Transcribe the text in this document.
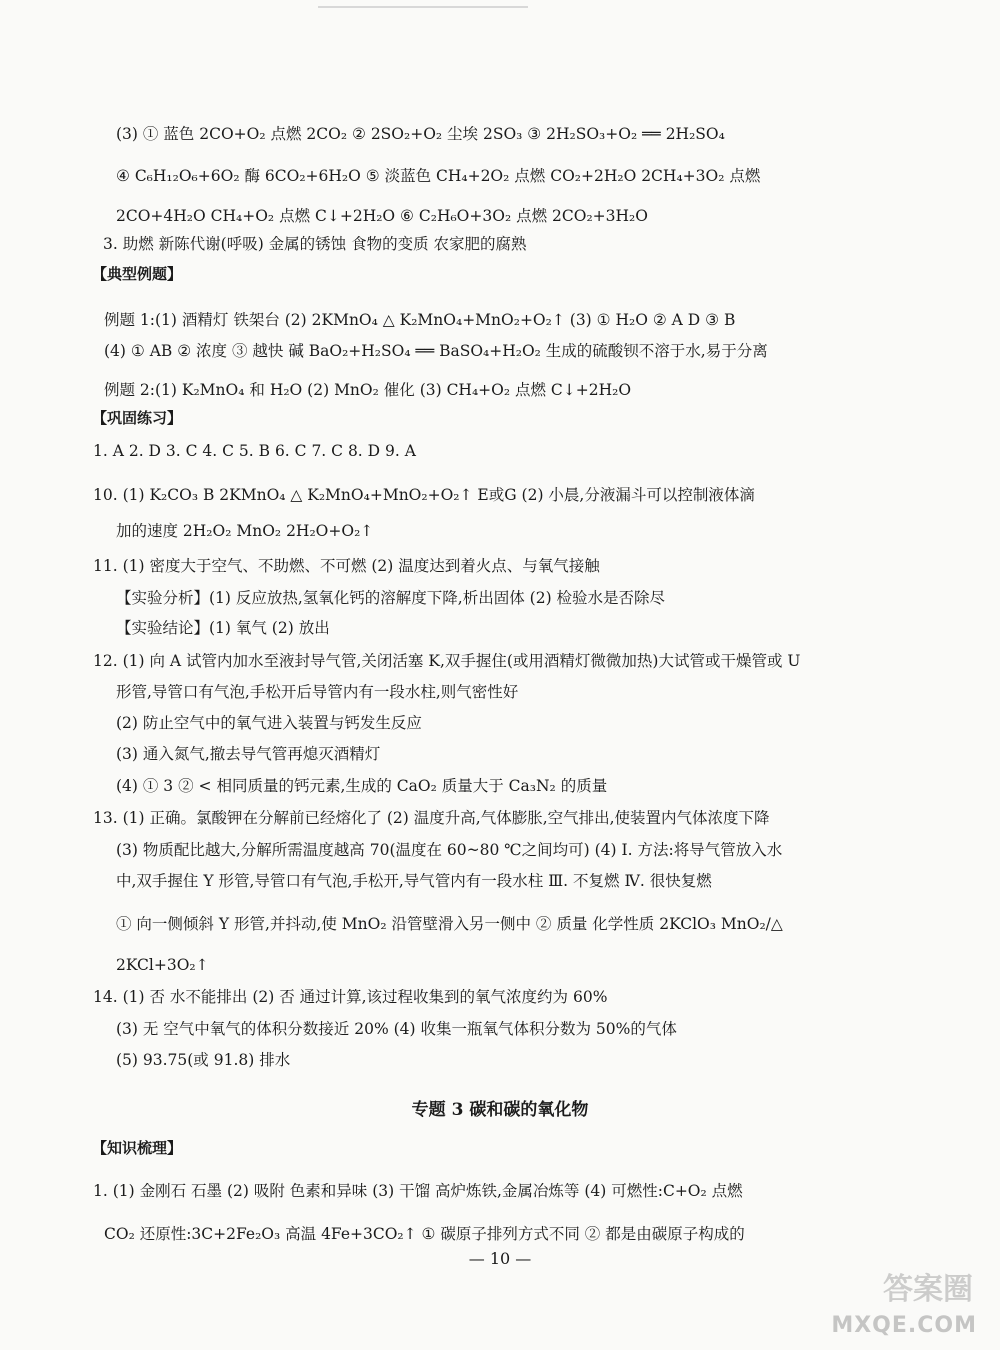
(3) ① 蓝色 2CO+O₂ 点燃 2CO₂ ② 2SO₂+O₂ 尘埃 2SO₃ ③ 2H₂SO₃+O₂ ══ 2H₂SO₄
④ C₆H₁₂O₆+6O₂ 酶 6CO₂+6H₂O ⑤ 淡蓝色 CH₄+2O₂ 点燃 CO₂+2H₂O 2CH₄+3O₂ 点燃
2CO+4H₂O CH₄+O₂ 点燃 C↓+2H₂O ⑥ C₂H₆O+3O₂ 点燃 2CO₂+3H₂O
3. 助燃 新陈代谢(呼吸) 金属的锈蚀 食物的变质 农家肥的腐熟
【典型例题】
例题 1:(1) 酒精灯 铁架台 (2) 2KMnO₄ △ K₂MnO₄+MnO₂+O₂↑ (3) ① H₂O ② A D ③ B
(4) ① AB ② 浓度 ③ 越快 碱 BaO₂+H₂SO₄ ══ BaSO₄+H₂O₂ 生成的硫酸钡不溶于水,易于分离
例题 2:(1) K₂MnO₄ 和 H₂O (2) MnO₂ 催化 (3) CH₄+O₂ 点燃 C↓+2H₂O
【巩固练习】
1. A 2. D 3. C 4. C 5. B 6. C 7. C 8. D 9. A
10. (1) K₂CO₃ B 2KMnO₄ △ K₂MnO₄+MnO₂+O₂↑ E或G (2) 小晨,分液漏斗可以控制液体滴
加的速度 2H₂O₂ MnO₂ 2H₂O+O₂↑
11. (1) 密度大于空气、不助燃、不可燃 (2) 温度达到着火点、与氧气接触
【实验分析】(1) 反应放热,氢氧化钙的溶解度下降,析出固体 (2) 检验水是否除尽
【实验结论】(1) 氧气 (2) 放出
12. (1) 向 A 试管内加水至液封导气管,关闭活塞 K,双手握住(或用酒精灯微微加热)大试管或干燥管或 U
形管,导管口有气泡,手松开后导管内有一段水柱,则气密性好
(2) 防止空气中的氧气进入装置与钙发生反应
(3) 通入氮气,撤去导气管再熄灭酒精灯
(4) ① 3 ② < 相同质量的钙元素,生成的 CaO₂ 质量大于 Ca₃N₂ 的质量
13. (1) 正确。氯酸钾在分解前已经熔化了 (2) 温度升高,气体膨胀,空气排出,使装置内气体浓度下降
(3) 物质配比越大,分解所需温度越高 70(温度在 60~80 ℃之间均可) (4) Ⅰ. 方法:将导气管放入水
中,双手握住 Y 形管,导管口有气泡,手松开,导气管内有一段水柱 Ⅲ. 不复燃 Ⅳ. 很快复燃
① 向一侧倾斜 Y 形管,并抖动,使 MnO₂ 沿管壁滑入另一侧中 ② 质量 化学性质 2KClO₃ MnO₂/△
2KCl+3O₂↑
14. (1) 否 水不能排出 (2) 否 通过计算,该过程收集到的氧气浓度约为 60%
(3) 无 空气中氧气的体积分数接近 20% (4) 收集一瓶氧气体积分数为 50%的气体
(5) 93.75(或 91.8) 排水
专题 3 碳和碳的氧化物
【知识梳理】
1. (1) 金刚石 石墨 (2) 吸附 色素和异味 (3) 干馏 高炉炼铁,金属冶炼等 (4) 可燃性:C+O₂ 点燃
CO₂ 还原性:3C+2Fe₂O₃ 高温 4Fe+3CO₂↑ ① 碳原子排列方式不同 ② 都是由碳原子构成的
— 10 —
答案圈
MXQE.COM
